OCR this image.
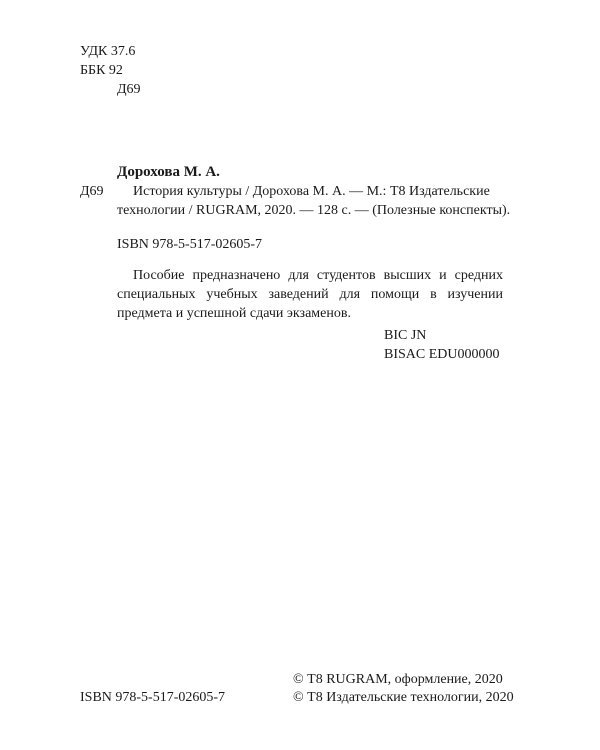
УДК 37.6
ББК 92
Д69
Дорохова М. А.
Д69 История культуры / Дорохова М. А. — М.: Т8 Издательские
технологии / RUGRAM, 2020. — 128 с. — (Полезные конспекты).
ISBN 978-5-517-02605-7
Пособие предназначено для студентов высших и средних
специальных учебных заведений для помощи в изучении
предмета и успешной сдачи экзаменов.
BIC JN
BISAC EDU000000
ISBN 978-5-517-02605-7
© Т8 RUGRAM, оформление, 2020
© Т8 Издательские технологии, 2020
